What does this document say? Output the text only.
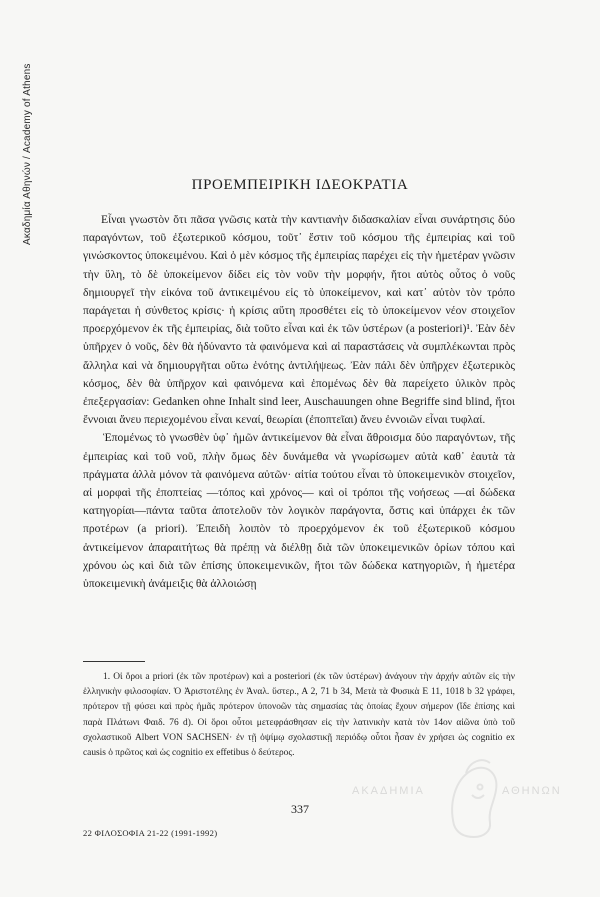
Ακαδημία Αθηνών / Academy of Athens	ΠΡΟΕΜΠΕΙΡΙΚΗ ΙΔΕΟΚΡΑΤΙΑ

Εἶναι γνωστὸν ὅτι πᾶσα γνῶσις κατὰ τὴν καντιανὴν διδασκαλίαν εἶναι συνάρτησις δύο παραγόντων, τοῦ ἐξωτερικοῦ κόσμου, τοῦτ᾽ ἔστιν τοῦ κόσμου τῆς ἐμπειρίας καὶ τοῦ γινώσκοντος ὑποκειμένου. Καὶ ὁ μὲν κόσμος τῆς ἐμπειρίας παρέχει εἰς τὴν ἡμετέραν γνῶσιν τὴν ὕλη, τὸ δὲ ὑποκείμενον δίδει εἰς τὸν νοῦν τὴν μορφήν, ἤτοι αὐτὸς οὗτος ὁ νοῦς δημιουργεῖ τὴν εἰκόνα τοῦ ἀντικειμένου εἰς τὸ ὑποκείμενον, καὶ κατ᾽ αὐτὸν τὸν τρόπο παράγεται ἡ σύνθετος κρίσις· ἡ κρίσις αὕτη προσθέτει εἰς τὸ ὑποκείμενον νέον στοιχεῖον προερχόμενον ἐκ τῆς ἐμπειρίας, διὰ τοῦτο εἶναι καὶ ἐκ τῶν ὑστέρων (a posteriori)¹. Ἐὰν δὲν ὑπῆρχεν ὁ νοῦς, δὲν θὰ ἠδύναντο τὰ φαινόμενα καὶ αἱ παραστάσεις νὰ συμπλέκωνται πρὸς ἄλληλα καὶ νὰ δημιουργῆται οὕτω ἑνότης ἀντιλήψεως. Ἐὰν πάλι δὲν ὑπῆρχεν ἐξωτερικὸς κόσμος, δὲν θὰ ὑπῆρχον καὶ φαινόμενα καὶ ἑπομένως δὲν θὰ παρείχετο ὑλικὸν πρὸς ἐπεξεργασίαν: Gedanken ohne Inhalt sind leer, Auschauungen ohne Begriffe sind blind, ἤτοι ἔννοιαι ἄνευ περιεχομένου εἶναι κεναί, θεωρίαι (ἐποπτεῖαι) ἄνευ ἐννοιῶν εἶναι τυφλαί.

Ἑπομένως τὸ γνωσθὲν ὑφ᾽ ἡμῶν ἀντικείμενον θὰ εἶναι ἄθροισμα δύο παραγόντων, τῆς ἐμπειρίας καὶ τοῦ νοῦ, πλὴν ὅμως δὲν δυνάμεθα νὰ γνωρίσωμεν αὐτὰ καθ᾽ ἑαυτὰ τὰ πράγματα ἀλλὰ μόνον τὰ φαινόμενα αὐτῶν· αἰτία τούτου εἶναι τὸ ὑποκειμενικὸν στοιχεῖον, αἱ μορφαὶ τῆς ἐποπτείας —τόπος καὶ χρόνος— καὶ οἱ τρόποι τῆς νοήσεως —αἱ δώδεκα κατηγορίαι—πάντα ταῦτα ἀποτελοῦν τὸν λογικὸν παράγοντα, ὅστις καὶ ὑπάρχει ἐκ τῶν προτέρων (a priori). Ἐπειδὴ λοιπὸν τὸ προερχόμενον ἐκ τοῦ ἐξωτερικοῦ κόσμου ἀντικείμενον ἀπαραιτήτως θὰ πρέπῃ νὰ διέλθῃ διὰ τῶν ὑποκειμενικῶν ὁρίων τόπου καὶ χρόνου ὡς καὶ διὰ τῶν ἐπίσης ὑποκειμενικῶν, ἤτοι τῶν δώδεκα κατηγοριῶν, ἡ ἡμετέρα ὑποκειμενικὴ ἀνάμειξις θὰ ἀλλοιώσῃ

1. Οἱ ὅροι a priori (ἐκ τῶν προτέρων) καὶ a posteriori (ἐκ τῶν ὑστέρων) ἀνάγουν τὴν ἀρχήν αὐτῶν εἰς τὴν ἑλληνικὴν φιλοσοφίαν. Ὁ Ἀριστοτέλης ἐν Ἀναλ. ὕστερ., Α 2, 71 b 34, Μετὰ τὰ Φυσικὰ Ε 11, 1018 b 32 γράφει, πρότερον τῇ φύσει καὶ πρὸς ἡμᾶς πρότερον ὑπονοῶν τὰς σημασίας τὰς ὁποίας ἔχουν σήμερον (ἴδε ἐπίσης καὶ παρὰ Πλάτωνι Φαιδ. 76 d). Οἱ ὅροι οὗτοι μετεφράσθησαν εἰς τὴν λατινικὴν κατὰ τὸν 14ον αἰῶνα ὑπὸ τοῦ σχολαστικοῦ Albert VON SACHSEN· ἐν τῇ ὀψίμῳ σχολαστικῇ περιόδῳ οὗτοι ἦσαν ἐν χρήσει ὡς cognitio ex causis ὁ πρῶτος καὶ ὡς cognitio ex effetibus ὁ δεύτερος.
337
22 ΦΙΛΟΣΟΦΙΑ 21-22 (1991-1992)
ΑΚΑΔΗΜΙΑ	ΑΘΗΝΩΝ
